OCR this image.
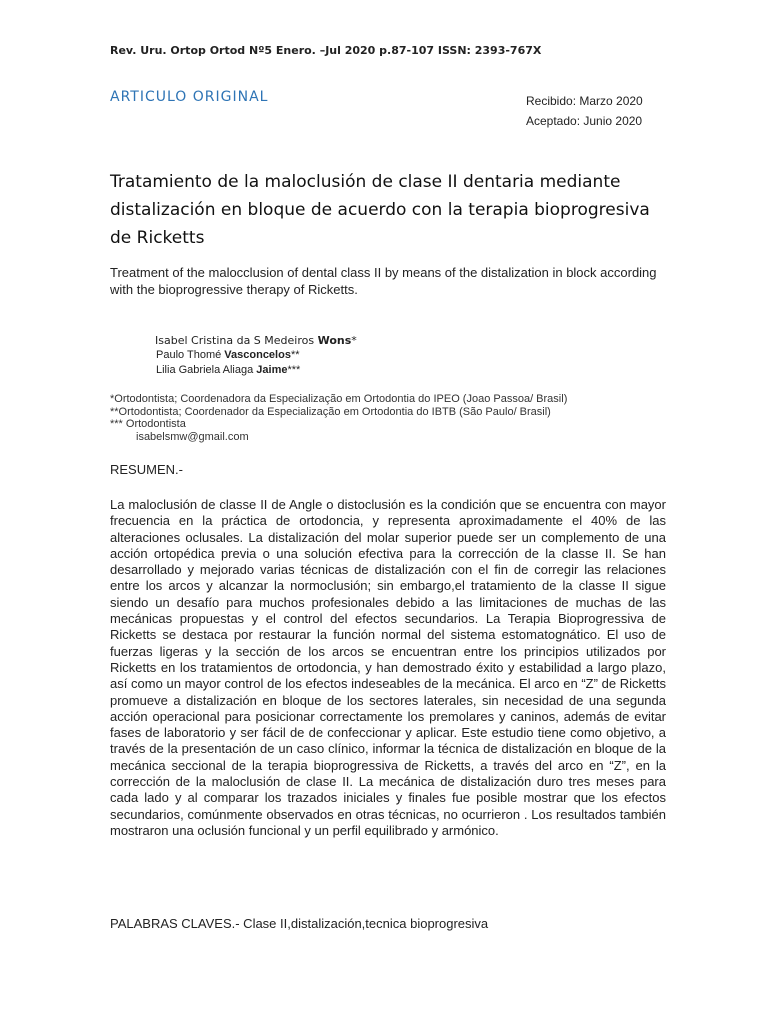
Rev. Uru. Ortop Ortod Nº5 Enero. –Jul 2020 p.87-107 ISSN: 2393-767X
ARTICULO ORIGINAL	Recibido: Marzo 2020
Aceptado: Junio 2020
Tratamiento de la maloclusión de clase II dentaria mediante distalización en bloque de acuerdo con la terapia bioprogresiva de Ricketts
Treatment of the malocclusion of dental class II by means of the distalization in block according with the bioprogressive therapy of Ricketts.
Isabel Cristina da S Medeiros Wons*
Paulo Thomé Vasconcelos**
Lilia Gabriela Aliaga Jaime***
*Ortodontista; Coordenadora da Especialização em Ortodontia do IPEO (Joao Passoa/ Brasil)
**Ortodontista; Coordenador da Especialização em Ortodontia do IBTB (São Paulo/ Brasil)
*** Ortodontista
isabelsmw@gmail.com
RESUMEN.-

La maloclusión de classe II de Angle o distoclusión es la condición que se encuentra con mayor frecuencia en la práctica de ortodoncia, y representa aproximadamente el 40% de las alteraciones oclusales. La distalización del molar superior puede ser un complemento de una acción ortopédica previa o una solución efectiva para la corrección de la classe II. Se han desarrollado y mejorado varias técnicas de distalización con el fin de corregir las relaciones entre los arcos y alcanzar la normoclusión; sin embargo,el tratamiento de la classe II sigue siendo un desafío para muchos profesionales debido a las limitaciones de muchas de las mecánicas propuestas y el control del efectos secundarios. La Terapia Bioprogressiva de Ricketts se destaca por restaurar la función normal del sistema estomatognático. El uso de fuerzas ligeras y la sección de los arcos se encuentran entre los principios utilizados por Ricketts en los tratamientos de ortodoncia, y han demostrado éxito y estabilidad a largo plazo, así como un mayor control de los efectos indeseables de la mecánica. El arco en “Z” de Ricketts promueve a distalización en bloque de los sectores laterales, sin necesidad de una segunda acción operacional para posicionar correctamente los premolares y caninos, además de evitar fases de laboratorio y ser fácil de de confeccionar y aplicar. Este estudio tiene como objetivo, a través de la presentación de un caso clínico, informar la técnica de distalización en bloque de la mecánica seccional de la terapia bioprogressiva de Ricketts, a través del arco en “Z”, en la corrección de la maloclusión de clase II. La mecánica de distalización duro tres meses para cada lado y al comparar los trazados iniciales y finales fue posible mostrar que los efectos secundarios, comúnmente observados en otras técnicas, no ocurrieron . Los resultados también mostraron una oclusión funcional y un perfil equilibrado y armónico.

PALABRAS CLAVES.- Clase II,distalización,tecnica bioprogresiva
